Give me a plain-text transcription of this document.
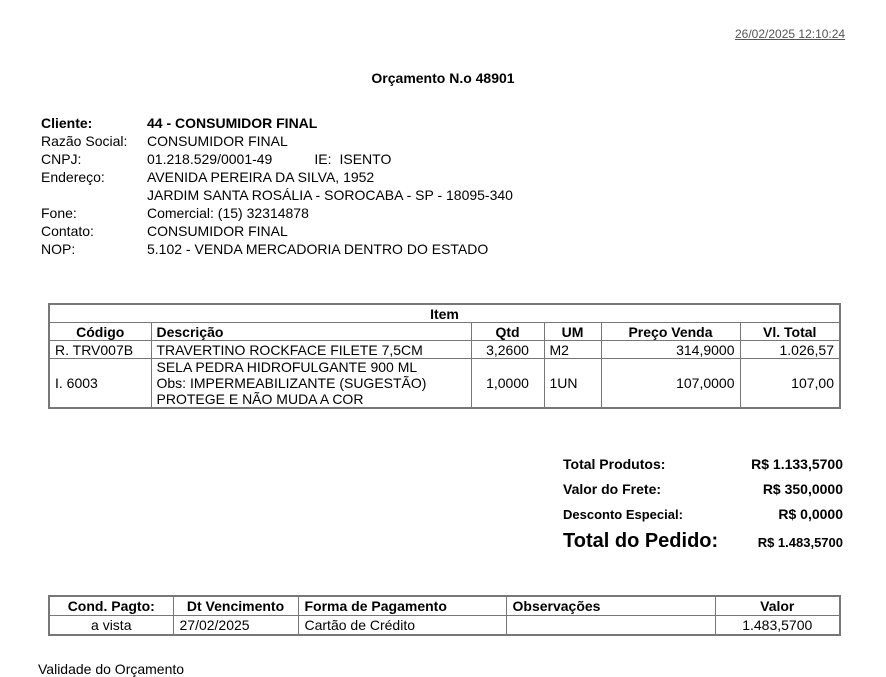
26/02/2025 12:10:24
Orçamento N.o 48901
Cliente:	44 - CONSUMIDOR FINAL
Razão Social:	CONSUMIDOR FINAL
CNPJ:	01.218.529/0001-49	IE: ISENTO
Endereço:	AVENIDA PEREIRA DA SILVA, 1952
JARDIM SANTA ROSÁLIA - SOROCABA - SP - 18095-340
Fone:	Comercial: (15) 32314878
Contato:	CONSUMIDOR FINAL
NOP:	5.102 - VENDA MERCADORIA DENTRO DO ESTADO
Item					
Código	Descrição	Qtd	UM	Preço Venda	Vl. Total
R. TRV007B	TRAVERTINO ROCKFACE FILETE 7,5CM	3,2600	M2	314,9000	1.026,57
I. 6003	SELA PEDRA HIDROFULGANTE 900 ML
Obs: IMPERMEABILIZANTE (SUGESTÃO)
PROTEGE E NÃO MUDA A COR	1,0000	1UN	107,0000	107,00
Total Produtos:	R$ 1.133,5700
Valor do Frete:	R$ 350,0000
Desconto Especial:	R$ 0,0000
Total do Pedido:	R$ 1.483,5700
Cond. Pagto:	Dt Vencimento	Forma de Pagamento	Observações	Valor
a vista	27/02/2025	Cartão de Crédito		1.483,5700
Validade do Orçamento
